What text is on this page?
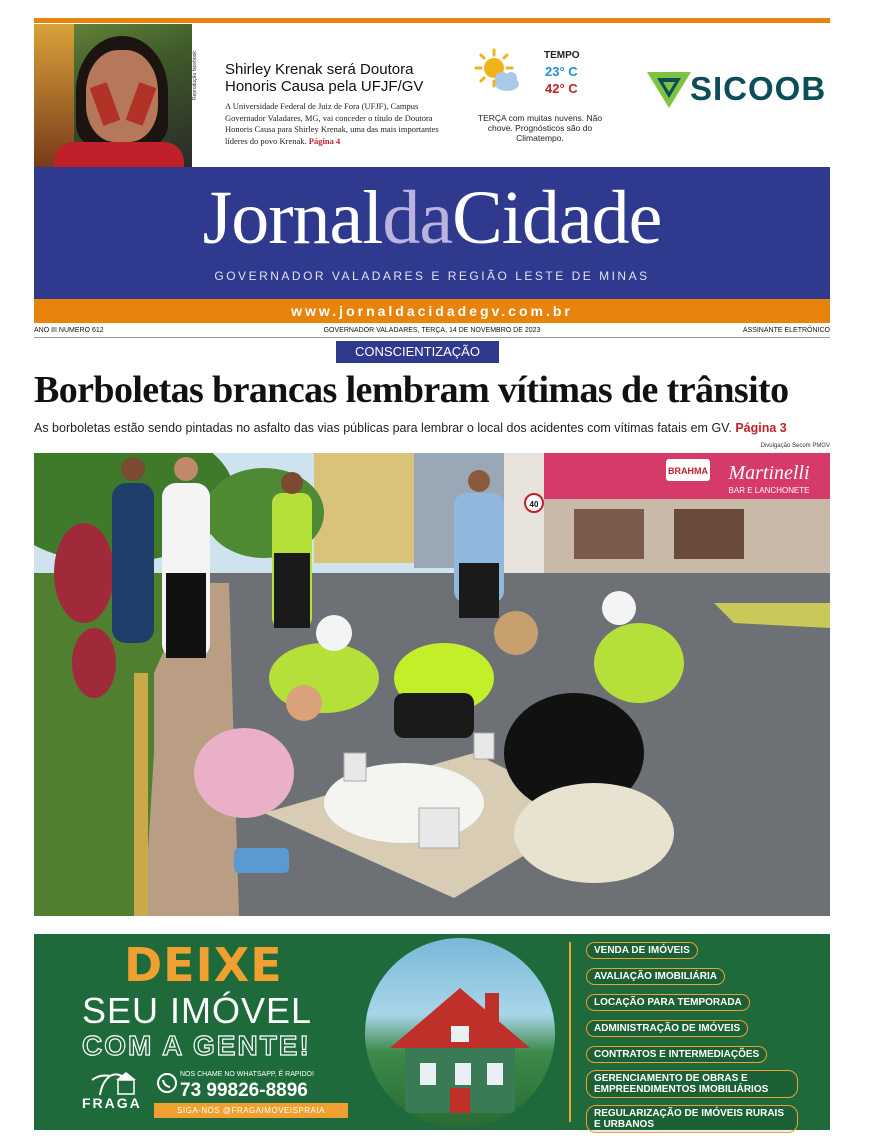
Reprodução facebook Shirley Krenak será Doutora Honoris Causa pela UFJF/GV
A Universidade Federal de Juiz de Fora (UFJF), Campus Governador Valadares, MG, vai conceder o título de Doutora Honoris Causa para Shirley Krenak, uma das mais importantes líderes do povo Krenak. Página 4
TEMPO
23° C
42° C
TERÇA com muitas nuvens. Não chove. Prognósticos são do Climatempo.
SICOOB
JornaldaCidade
GOVERNADOR VALADARES E REGIÃO LESTE DE MINAS
www.jornaldacidadegv.com.br
ANO III NÚMERO 612	GOVERNADOR VALADARES, TERÇA, 14 DE NOVEMBRO DE 2023	ASSINANTE ELETRÔNICO
CONSCIENTIZAÇÃO
Borboletas brancas lembram vítimas de trânsito
As borboletas estão sendo pintadas no asfalto das vias públicas para lembrar o local dos acidentes com vítimas fatais em GV. Página 3
Divulgação Secom PMGV
BRAHMA Martinelli
BAR E LANCHONETE
40
DEIXE
SEU IMÓVEL
COM A GENTE!
FRAGA
NOS CHAME NO WHATSAPP, É RAPIDO!
73 99826-8896
SIGA-NOS @FRAGAIMOVEISPRAIA
VENDA DE IMÓVEIS
AVALIAÇÃO IMOBILIÁRIA
LOCAÇÃO PARA TEMPORADA
ADMINISTRAÇÃO DE IMÓVEIS
CONTRATOS E INTERMEDIAÇÕES
GERENCIAMENTO DE OBRAS E EMPREENDIMENTOS IMOBILIÁRIOS
REGULARIZAÇÃO DE IMÓVEIS RURAIS E URBANOS
